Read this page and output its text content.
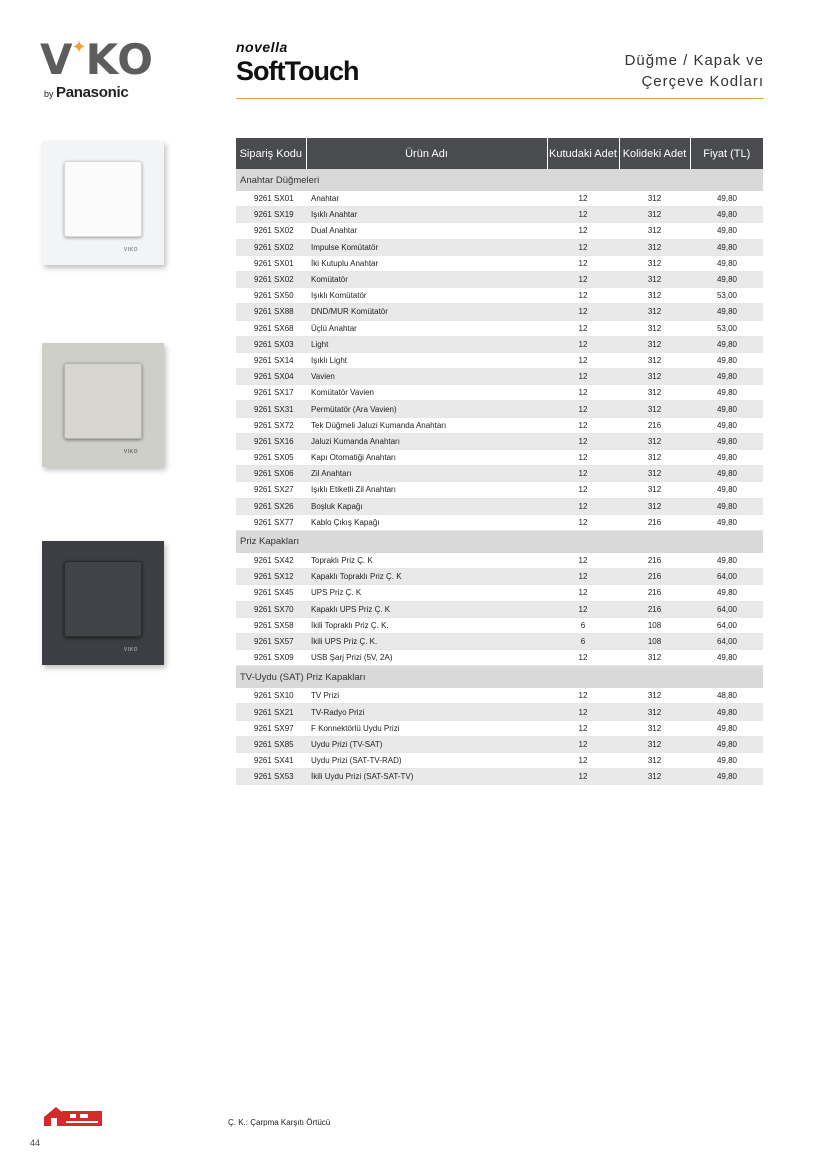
V
✦
KO
by Panasonic
novella
SoftTouch	Düğme / Kapak ve
Çerçeve Kodları
VIKO
VIKO
VIKO
Sipariş Kodu	Ürün Adı	Kutudaki Adet	Kolideki Adet	Fiyat (TL)
Anahtar Düğmeleri				
9261 SX01	Anahtar	12	312	49,80
9261 SX19	Işıklı Anahtar	12	312	49,80
9261 SX02	Dual Anahtar	12	312	49,80
9261 SX02	Impulse Komütatör	12	312	49,80
9261 SX01	İki Kutuplu Anahtar	12	312	49,80
9261 SX02	Komütatör	12	312	49,80
9261 SX50	Işıklı Komütatör	12	312	53,00
9261 SX88	DND/MUR Komütatör	12	312	49,80
9261 SX68	Üçlü Anahtar	12	312	53,00
9261 SX03	Light	12	312	49,80
9261 SX14	Işıklı Light	12	312	49,80
9261 SX04	Vavien	12	312	49,80
9261 SX17	Komütatör Vavien	12	312	49,80
9261 SX31	Permütatör (Ara Vavien)	12	312	49,80
9261 SX72	Tek Düğmeli Jaluzi Kumanda Anahtarı	12	216	49,80
9261 SX16	Jaluzi Kumanda Anahtarı	12	312	49,80
9261 SX05	Kapı Otomatiği Anahtarı	12	312	49,80
9261 SX06	Zil Anahtarı	12	312	49,80
9261 SX27	Işıklı Etiketli Zil Anahtarı	12	312	49,80
9261 SX26	Boşluk Kapağı	12	312	49,80
9261 SX77	Kablo Çıkış Kapağı	12	216	49,80
Priz Kapakları				
9261 SX42	Topraklı Priz Ç. K	12	216	49,80
9261 SX12	Kapaklı Topraklı Priz Ç. K	12	216	64,00
9261 SX45	UPS Priz Ç. K	12	216	49,80
9261 SX70	Kapaklı UPS Priz Ç. K	12	216	64,00
9261 SX58	İkili Topraklı Priz Ç. K.	6	108	64,00
9261 SX57	İkili UPS Priz Ç. K.	6	108	64,00
9261 SX09	USB Şarj Prizi (5V, 2A)	12	312	49,80
TV-Uydu (SAT) Priz Kapakları				
9261 SX10	TV Prizi	12	312	48,80
9261 SX21	TV-Radyo Prizi	12	312	49,80
9261 SX97	F Konnektörlü Uydu Prizi	12	312	49,80
9261 SX85	Uydu Prizi (TV-SAT)	12	312	49,80
9261 SX41	Uydu Prizi (SAT-TV-RAD)	12	312	49,80
9261 SX53	İkili Uydu Prizi (SAT-SAT-TV)	12	312	49,80
44
Ç. K.: Çarpma Karşıtı Örtücü
